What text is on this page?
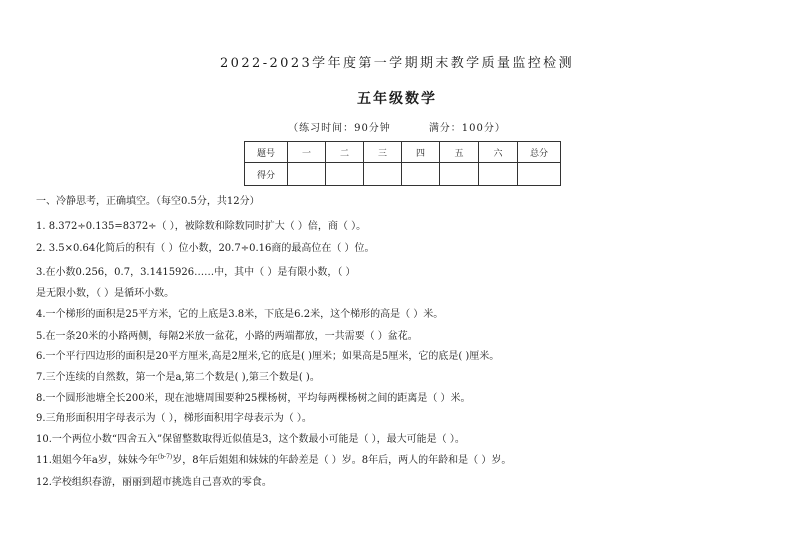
2022-2023学年度第一学期期末教学质量监控检测
五年级数学
（练习时间：90分钟	满分：100分）
题号	一	二	三	四	五	六	总分
得分							
一、冷静思考，正确填空。（每空0.5分，共12分）
1. 8.372÷0.135=8372÷（ ），被除数和除数同时扩大（ ）倍，商（ ）。
2. 3.5×0.64化简后的积有（ ）位小数，20.7÷0.16商的最高位在（ ）位。
3.在小数0.256，0.7̇，3.1415926……中，其中（ ）是有限小数，（ ）
是无限小数，（ ）是循环小数。
4.一个梯形的面积是25平方米，它的上底是3.8米，下底是6.2米，这个梯形的高是（ ）米。
5.在一条20米的小路两侧，每隔2米放一盆花，小路的两端都放，一共需要（ ）盆花。
6.一个平行四边形的面积是20平方厘米,高是2厘米,它的底是( )厘米；如果高是5厘米，它的底是( )厘米。
7.三个连续的自然数，第一个是a,第二个数是( ),第三个数是( )。
8.一个圆形池塘全长200米，现在池塘周围要种25棵杨树，平均每两棵杨树之间的距离是（ ）米。
9.三角形面积用字母表示为（ ），梯形面积用字母表示为（ ）。
10.一个两位小数“四舍五入”保留整数取得近似值是3，这个数最小可能是（ ），最大可能是（ ）。
11.姐姐今年a岁，妹妹今年$^{(b-7)}$岁，8年后姐姐和妹妹的年龄差是（ ）岁。8年后，两人的年龄和是（ ）岁。
12.学校组织春游，丽丽到超市挑选自己喜欢的零食。
